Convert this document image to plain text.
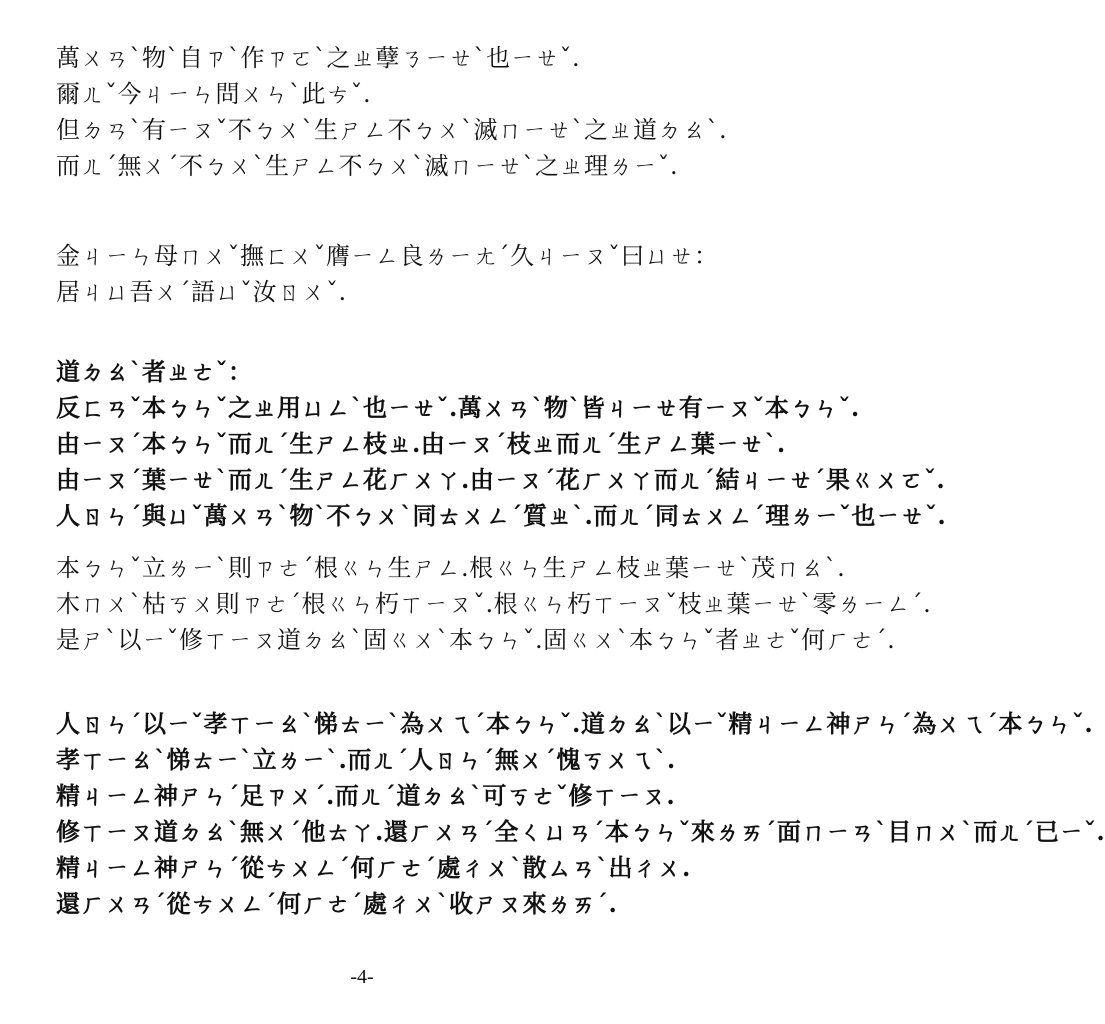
萬ㄨㄢˋ物ˋ自ㄗˋ作ㄗㄛˋ之ㄓ孽ㄋㄧㄝˋ也ㄧㄝˇ.
爾ㄦˇ今ㄐㄧㄣ問ㄨㄣˋ此ㄘˇ.
但ㄉㄢˋ有ㄧㄡˇ不ㄅㄨˋ生ㄕㄥ不ㄅㄨˋ滅ㄇㄧㄝˋ之ㄓ道ㄉㄠˋ.
而ㄦˊ無ㄨˊ不ㄅㄨˋ生ㄕㄥ不ㄅㄨˋ滅ㄇㄧㄝˋ之ㄓ理ㄌㄧˇ.
金ㄐㄧㄣ母ㄇㄨˇ撫ㄈㄨˇ膺ㄧㄥ良ㄌㄧㄤˊ久ㄐㄧㄡˇ曰ㄩㄝ：
居ㄐㄩ吾ㄨˊ語ㄩˇ汝ㄖㄨˇ.
道ㄉㄠˋ者ㄓㄜˇ：
反ㄈㄢˇ本ㄅㄣˇ之ㄓ用ㄩㄥˋ也ㄧㄝˇ.萬ㄨㄢˋ物ˋ皆ㄐㄧㄝ有ㄧㄡˇ本ㄅㄣˇ.
由ㄧㄡˊ本ㄅㄣˇ而ㄦˊ生ㄕㄥ枝ㄓ.由ㄧㄡˊ枝ㄓ而ㄦˊ生ㄕㄥ葉ㄧㄝˋ.
由ㄧㄡˊ葉ㄧㄝˋ而ㄦˊ生ㄕㄥ花ㄏㄨㄚ.由ㄧㄡˊ花ㄏㄨㄚ而ㄦˊ結ㄐㄧㄝˊ果ㄍㄨㄛˇ.
人ㄖㄣˊ與ㄩˇ萬ㄨㄢˋ物ˋ不ㄅㄨˋ同ㄊㄨㄥˊ質ㄓˋ.而ㄦˊ同ㄊㄨㄥˊ理ㄌㄧˇ也ㄧㄝˇ.
本ㄅㄣˇ立ㄌㄧˋ則ㄗㄜˊ根ㄍㄣ生ㄕㄥ.根ㄍㄣ生ㄕㄥ枝ㄓ葉ㄧㄝˋ茂ㄇㄠˋ.
木ㄇㄨˋ枯ㄎㄨ則ㄗㄜˊ根ㄍㄣ朽ㄒㄧㄡˇ.根ㄍㄣ朽ㄒㄧㄡˇ枝ㄓ葉ㄧㄝˋ零ㄌㄧㄥˊ.
是ㄕˋ以ㄧˇ修ㄒㄧㄡ道ㄉㄠˋ固ㄍㄨˋ本ㄅㄣˇ.固ㄍㄨˋ本ㄅㄣˇ者ㄓㄜˇ何ㄏㄜˊ.
人ㄖㄣˊ以ㄧˇ孝ㄒㄧㄠˋ悌ㄊㄧˋ為ㄨㄟˊ本ㄅㄣˇ.道ㄉㄠˋ以ㄧˇ精ㄐㄧㄥ神ㄕㄣˊ為ㄨㄟˊ本ㄅㄣˇ.
孝ㄒㄧㄠˋ悌ㄊㄧˋ立ㄌㄧˋ.而ㄦˊ人ㄖㄣˊ無ㄨˊ愧ㄎㄨㄟˋ.
精ㄐㄧㄥ神ㄕㄣˊ足ㄗㄨˊ.而ㄦˊ道ㄉㄠˋ可ㄎㄜˇ修ㄒㄧㄡ.
修ㄒㄧㄡ道ㄉㄠˋ無ㄨˊ他ㄊㄚ.還ㄏㄨㄢˊ全ㄑㄩㄢˊ本ㄅㄣˇ來ㄌㄞˊ面ㄇㄧㄢˋ目ㄇㄨˋ而ㄦˊ已ㄧˇ.
精ㄐㄧㄥ神ㄕㄣˊ從ㄘㄨㄥˊ何ㄏㄜˊ處ㄔㄨˋ散ㄙㄢˋ出ㄔㄨ.
還ㄏㄨㄢˊ從ㄘㄨㄥˊ何ㄏㄜˊ處ㄔㄨˋ收ㄕㄡ來ㄌㄞˊ.
-4-
